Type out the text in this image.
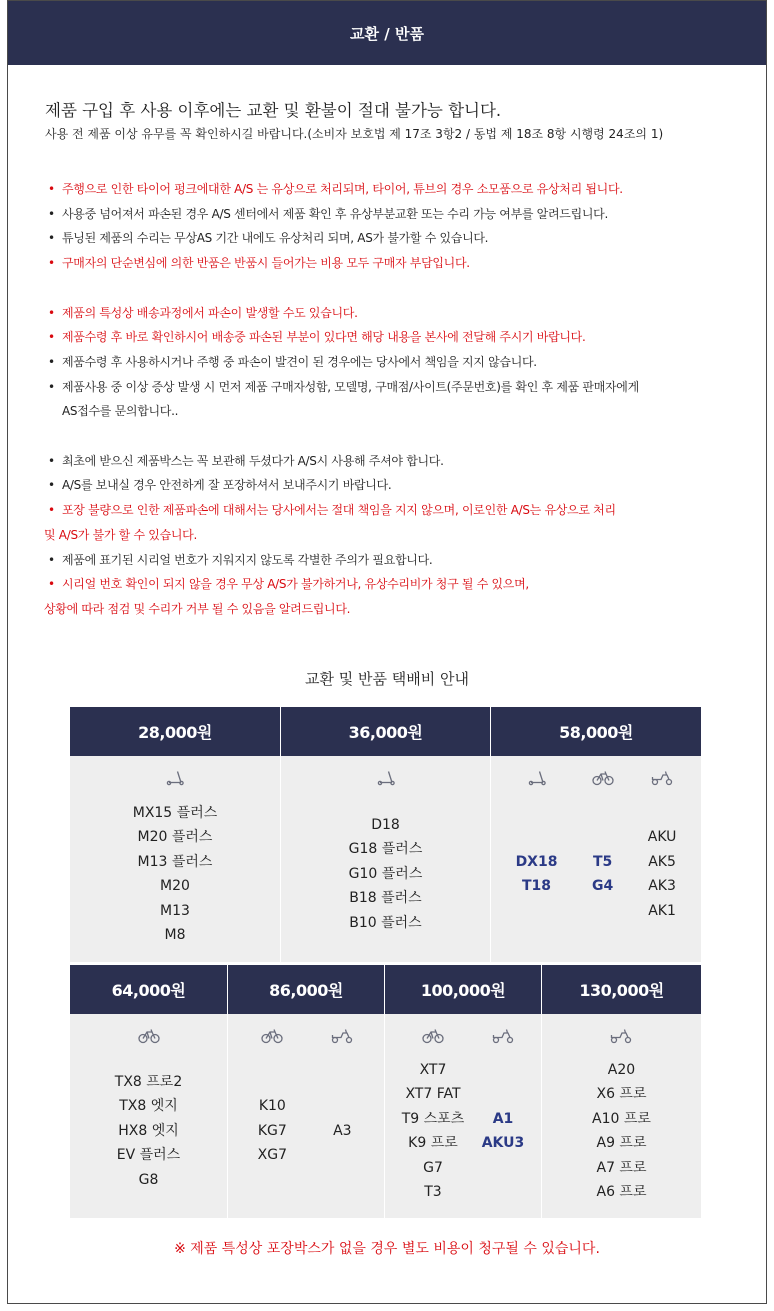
교환 / 반품
제품 구입 후 사용 이후에는 교환 및 환불이 절대 불가능 합니다.
사용 전 제품 이상 유무를 꼭 확인하시길 바랍니다.(소비자 보호법 제 17조 3항2 / 동법 제 18조 8항 시행령 24조의 1)
• 주행으로 인한 타이어 펑크에대한 A/S 는 유상으로 처리되며, 타이어, 튜브의 경우 소모품으로 유상처리 됩니다.
• 사용중 넘어져서 파손된 경우 A/S 센터에서 제품 확인 후 유상부분교환 또는 수리 가능 여부를 알려드립니다.
• 튜닝된 제품의 수리는 무상AS 기간 내에도 유상처리 되며, AS가 불가할 수 있습니다.
• 구매자의 단순변심에 의한 반품은 반품시 들어가는 비용 모두 구매자 부담입니다.
• 제품의 특성상 배송과정에서 파손이 발생할 수도 있습니다.
• 제품수령 후 바로 확인하시어 배송중 파손된 부분이 있다면 해당 내용을 본사에 전달해 주시기 바랍니다.
• 제품수령 후 사용하시거나 주행 중 파손이 발견이 된 경우에는 당사에서 책임을 지지 않습니다.
• 제품사용 중 이상 증상 발생 시 먼저 제품 구매자성함, 모델명, 구매점/사이트(주문번호)를 확인 후 제품 판매자에게
AS접수를 문의합니다..
• 최초에 받으신 제품박스는 꼭 보관해 두셨다가 A/S시 사용해 주셔야 합니다.
• A/S를 보내실 경우 안전하게 잘 포장하셔서 보내주시기 바랍니다.
• 포장 불량으로 인한 제품파손에 대해서는 당사에서는 절대 책임을 지지 않으며, 이로인한 A/S는 유상으로 처리
및 A/S가 불가 할 수 있습니다.
• 제품에 표기된 시리얼 번호가 지워지지 않도록 각별한 주의가 필요합니다.
• 시리얼 번호 확인이 되지 않을 경우 무상 A/S가 불가하거나, 유상수리비가 청구 될 수 있으며,
상황에 따라 점검 및 수리가 거부 될 수 있음을 알려드립니다.
교환 및 반품 택배비 안내
28,000원
MX15 플러스
M20 플러스
M13 플러스
M20
M13
M8
36,000원
D18
G18 플러스
G10 플러스
B18 플러스
B10 플러스
58,000원
DX18
T18
T5
G4
AKU
AK5
AK3
AK1
64,000원
TX8 프로2
TX8 엣지
HX8 엣지
EV 플러스
G8
86,000원
K10
KG7
XG7
A3
100,000원
XT7
XT7 FAT
T9 스포츠
K9 프로
G7
T3
A1
AKU3
130,000원
A20
X6 프로
A10 프로
A9 프로
A7 프로
A6 프로
※ 제품 특성상 포장박스가 없을 경우 별도 비용이 청구될 수 있습니다.
